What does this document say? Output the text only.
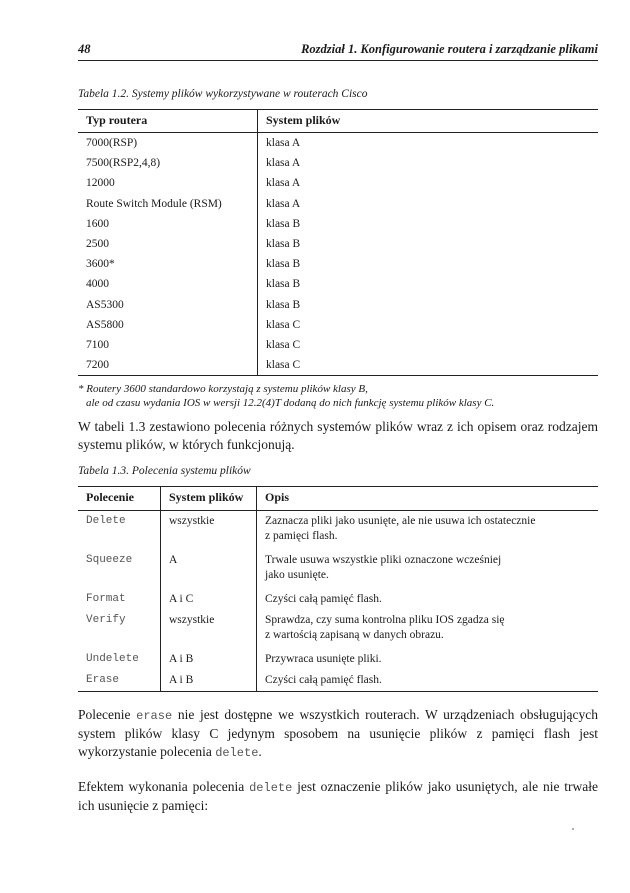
48	Rozdział 1. Konfigurowanie routera i zarządzanie plikami
Tabela 1.2. Systemy plików wykorzystywane w routerach Cisco
Typ routera	System plików
7000(RSP)	klasa A
7500(RSP2,4,8)	klasa A
12000	klasa A
Route Switch Module (RSM)	klasa A
1600	klasa B
2500	klasa B
3600*	klasa B
4000	klasa B
AS5300	klasa B
AS5800	klasa C
7100	klasa C
7200	klasa C
* Routery 3600 standardowo korzystają z systemu plików klasy B,
ale od czasu wydania IOS w wersji 12.2(4)T dodaną do nich funkcję systemu plików klasy C.

W tabeli 1.3 zestawiono polecenia różnych systemów plików wraz z ich opisem oraz rodzajem systemu plików, w których funkcjonują.

Tabela 1.3. Polecenia systemu plików
Polecenie	System plików	Opis
Delete	wszystkie	Zaznacza pliki jako usunięte, ale nie usuwa ich ostatecznie
z pamięci flash.

Squeeze	A	Trwale usuwa wszystkie pliki oznaczone wcześniej
jako usunięte.

Format	A i C	Czyści całą pamięć flash.

Verify	wszystkie	Sprawdza, czy suma kontrolna pliku IOS zgadza się
z wartością zapisaną w danych obrazu.

Undelete	A i B	Przywraca usunięte pliki.

Erase	A i B	Czyści całą pamięć flash.

Polecenie erase nie jest dostępne we wszystkich routerach. W urządzeniach obsługujących system plików klasy C jedynym sposobem na usunięcie plików z pamięci flash jest wykorzystanie polecenia delete.

Efektem wykonania polecenia delete jest oznaczenie plików jako usuniętych, ale nie trwałe ich usunięcie z pamięci:
